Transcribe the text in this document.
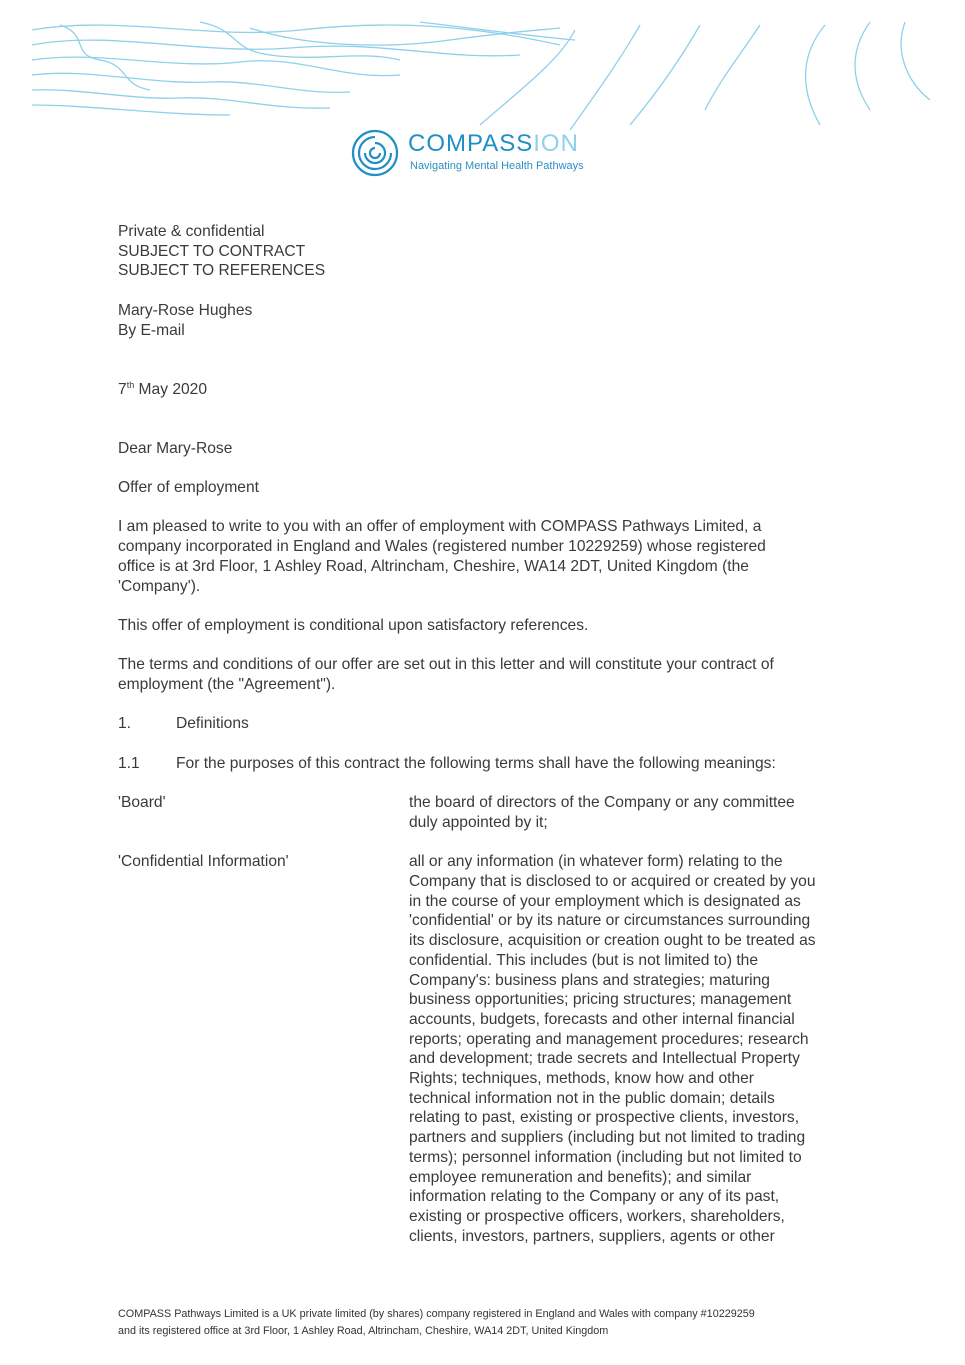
COMPASSION
Navigating Mental Health Pathways
Private & confidential
SUBJECT TO CONTRACT
SUBJECT TO REFERENCES
Mary-Rose Hughes
By E-mail
7th May 2020
Dear Mary-Rose
Offer of employment
I am pleased to write to you with an offer of employment with COMPASS Pathways Limited, a
company incorporated in England and Wales (registered number 10229259) whose registered
office is at 3rd Floor, 1 Ashley Road, Altrincham, Cheshire, WA14 2DT, United Kingdom (the
'Company').
This offer of employment is conditional upon satisfactory references.
The terms and conditions of our offer are set out in this letter and will constitute your contract of
employment (the "Agreement").
1.	Definitions
1.1	For the purposes of this contract the following terms shall have the following meanings:
'Board'	the board of directors of the Company or any committee
duly appointed by it;
'Confidential Information'	all or any information (in whatever form) relating to the
Company that is disclosed to or acquired or created by you
in the course of your employment which is designated as
'confidential' or by its nature or circumstances surrounding
its disclosure, acquisition or creation ought to be treated as
confidential. This includes (but is not limited to) the
Company's: business plans and strategies; maturing
business opportunities; pricing structures; management
accounts, budgets, forecasts and other internal financial
reports; operating and management procedures; research
and development; trade secrets and Intellectual Property
Rights; techniques, methods, know how and other
technical information not in the public domain; details
relating to past, existing or prospective clients, investors,
partners and suppliers (including but not limited to trading
terms); personnel information (including but not limited to
employee remuneration and benefits); and similar
information relating to the Company or any of its past,
existing or prospective officers, workers, shareholders,
clients, investors, partners, suppliers, agents or other
COMPASS Pathways Limited is a UK private limited (by shares) company registered in England and Wales with company #10229259
and its registered office at 3rd Floor, 1 Ashley Road, Altrincham, Cheshire, WA14 2DT, United Kingdom
